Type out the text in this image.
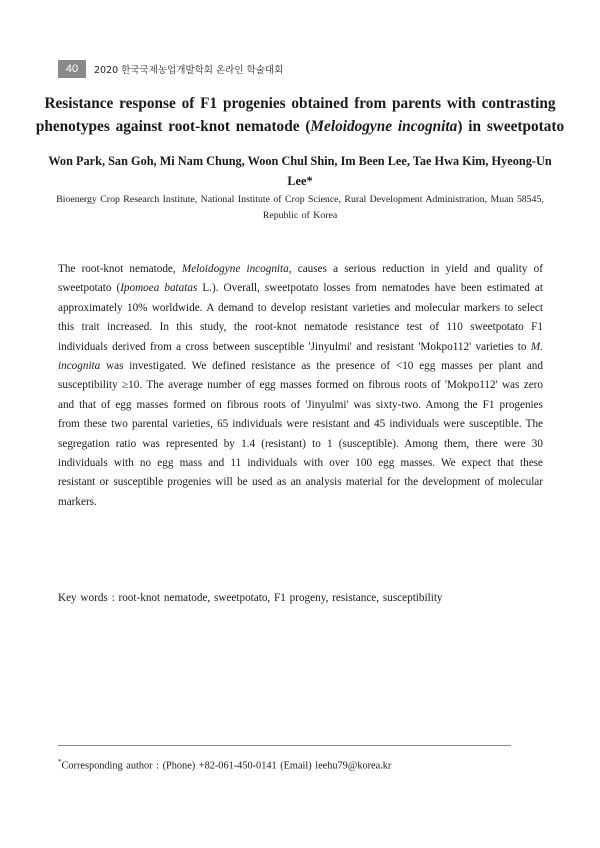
40	2020 한국국제농업개발학회 온라인 학술대회
Resistance response of F1 progenies obtained from parents with contrasting phenotypes against root-knot nematode (Meloidogyne incognita) in sweetpotato
Won Park, San Goh, Mi Nam Chung, Woon Chul Shin, Im Been Lee, Tae Hwa Kim, Hyeong-Un Lee*
Bioenergy Crop Research Institute, National Institute of Crop Science, Rural Development Administration, Muan 58545, Republic of Korea

The root-knot nematode, Meloidogyne incognita, causes a serious reduction in yield and quality of sweetpotato (Ipomoea batatas L.). Overall, sweetpotato losses from nematodes have been estimated at approximately 10% worldwide. A demand to develop resistant varieties and molecular markers to select this trait increased. In this study, the root-knot nematode resistance test of 110 sweetpotato F1 individuals derived from a cross between susceptible 'Jinyulmi' and resistant 'Mokpo112' varieties to M. incognita was investigated. We defined resistance as the presence of <10 egg masses per plant and susceptibility ≥10. The average number of egg masses formed on fibrous roots of 'Mokpo112' was zero and that of egg masses formed on fibrous roots of 'Jinyulmi' was sixty-two. Among the F1 progenies from these two parental varieties, 65 individuals were resistant and 45 individuals were susceptible. The segregation ratio was represented by 1.4 (resistant) to 1 (susceptible). Among them, there were 30 individuals with no egg mass and 11 individuals with over 100 egg masses. We expect that these resistant or susceptible progenies will be used as an analysis material for the development of molecular markers.

Key words : root-knot nematode, sweetpotato, F1 progeny, resistance, susceptibility
*Corresponding author : (Phone) +82-061-450-0141 (Email) leehu79@korea.kr
